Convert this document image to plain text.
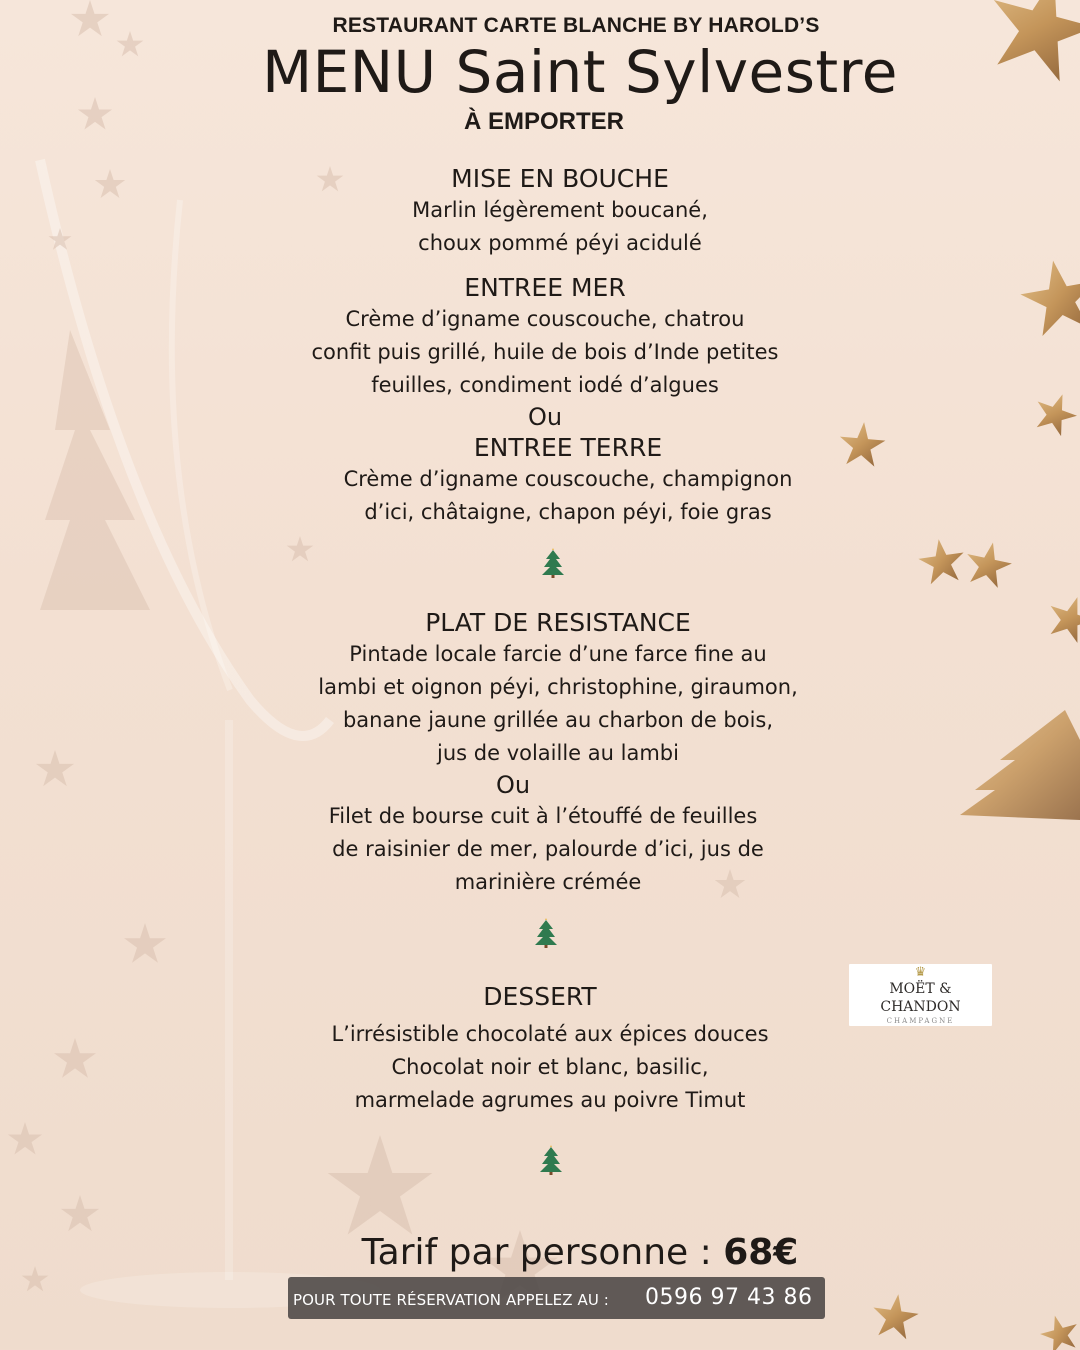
RESTAURANT CARTE BLANCHE BY HAROLD’S
MENU Saint Sylvestre
À EMPORTER
MISE EN BOUCHE
Marlin légèrement boucané,
choux pommé péyi acidulé
ENTREE MER
Crème d’igname couscouche, chatrou
confit puis grillé, huile de bois d’Inde petites
feuilles, condiment iodé d’algues
Ou
ENTREE TERRE
Crème d’igname couscouche, champignon
d’ici, châtaigne, chapon péyi, foie gras
PLAT DE RESISTANCE
Pintade locale farcie d’une farce fine au
lambi et oignon péyi, christophine, giraumon,
banane jaune grillée au charbon de bois,
jus de volaille au lambi
Ou
Filet de bourse cuit à l’étouffé de feuilles
de raisinier de mer, palourde d’ici, jus de
marinière crémée
DESSERT
L’irrésistible chocolaté aux épices douces
Chocolat noir et blanc, basilic,
marmelade agrumes au poivre Timut
♛
MOËT & CHANDON
CHAMPAGNE
Tarif par personne : 68€
POUR TOUTE RÉSERVATION APPELEZ AU : 0596 97 43 86
